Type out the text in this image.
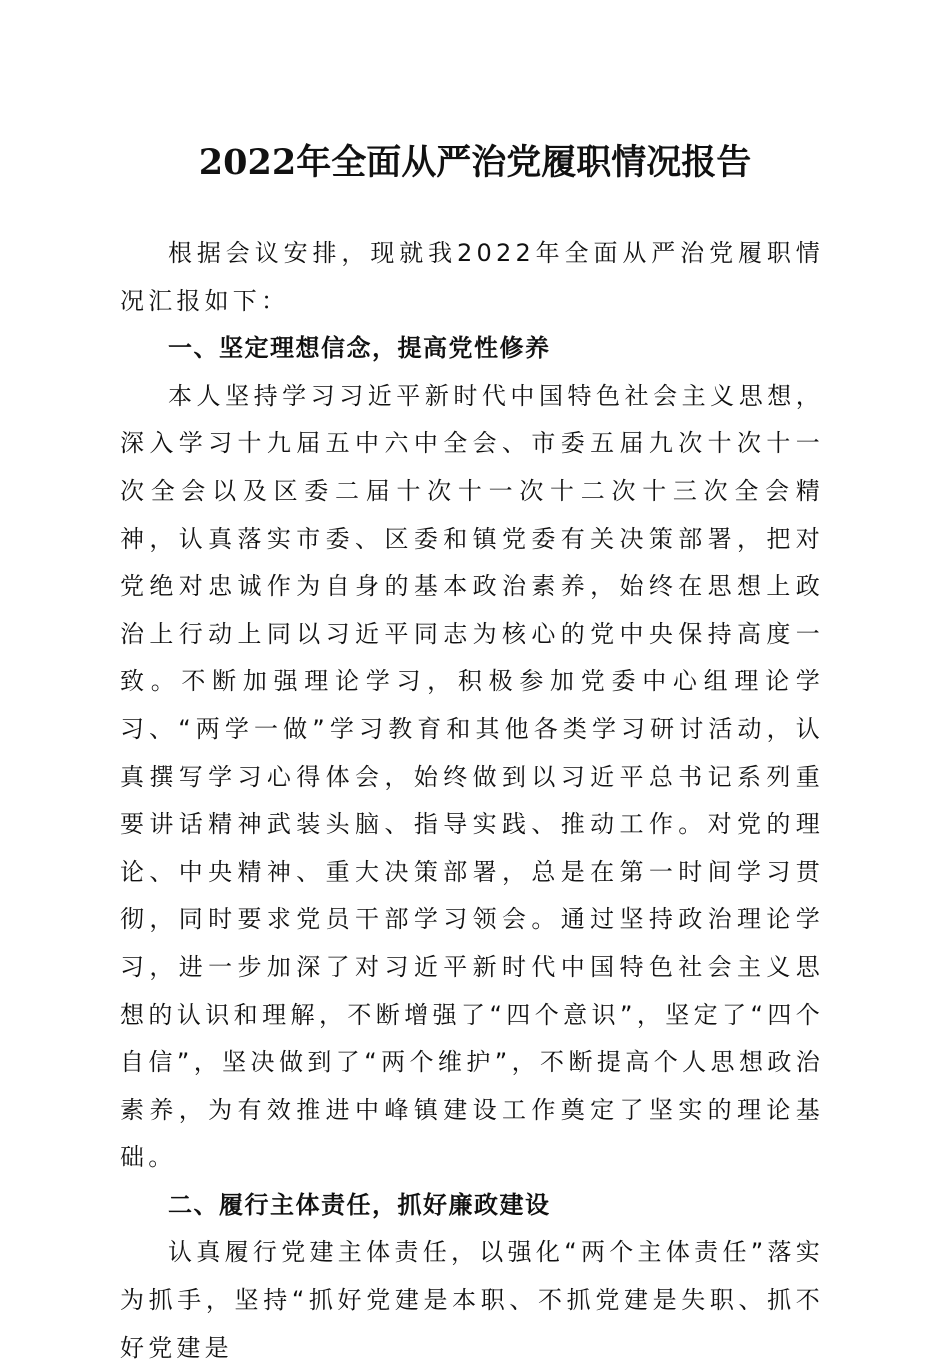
2022年全面从严治党履职情况报告

根据会议安排，现就我2022年全面从严治党履职情况汇报如下：

一、坚定理想信念，提高党性修养

本人坚持学习习近平新时代中国特色社会主义思想，深入学习十九届五中六中全会、市委五届九次十次十一次全会以及区委二届十次十一次十二次十三次全会精神，认真落实市委、区委和镇党委有关决策部署，把对党绝对忠诚作为自身的基本政治素养，始终在思想上政治上行动上同以习近平同志为核心的党中央保持高度一致。不断加强理论学习，积极参加党委中心组理论学习、“两学一做”学习教育和其他各类学习研讨活动，认真撰写学习心得体会，始终做到以习近平总书记系列重要讲话精神武装头脑、指导实践、推动工作。对党的理论、中央精神、重大决策部署，总是在第一时间学习贯彻，同时要求党员干部学习领会。通过坚持政治理论学习，进一步加深了对习近平新时代中国特色社会主义思想的认识和理解，不断增强了“四个意识”，坚定了“四个自信”，坚决做到了“两个维护”，不断提高个人思想政治素养，为有效推进中峰镇建设工作奠定了坚实的理论基础。

二、履行主体责任，抓好廉政建设

认真履行党建主体责任，以强化“两个主体责任”落实为抓手，坚持“抓好党建是本职、不抓党建是失职、抓不好党建是
